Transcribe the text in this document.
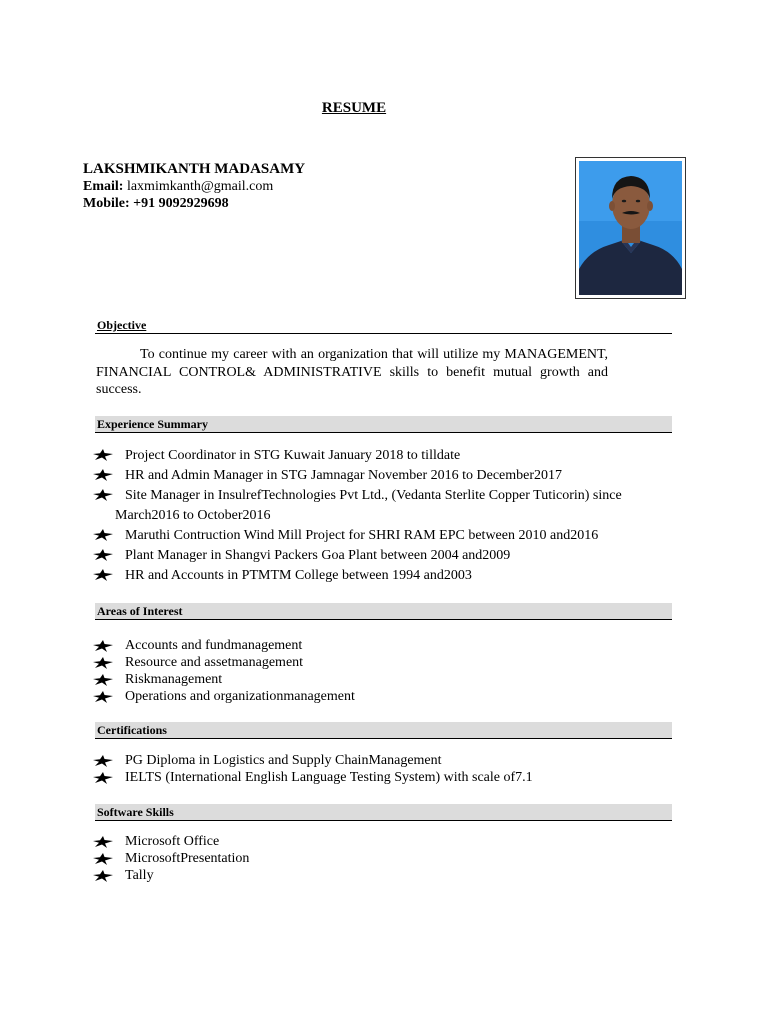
RESUME
LAKSHMIKANTH MADASAMY
Email: laxmimkanth@gmail.com
Mobile: +91 9092929698
Objective
To continue my career with an organization that will utilize my MANAGEMENT, FINANCIAL CONTROL& ADMINISTRATIVE skills to benefit mutual growth and success.
Experience Summary
Project Coordinator in STG Kuwait January 2018 to tilldate
HR and Admin Manager in STG Jamnagar November 2016 to December2017
Site Manager in InsulrefTechnologies Pvt Ltd., (Vedanta Sterlite Copper Tuticorin) since
March2016 to October2016
Maruthi Contruction Wind Mill Project for SHRI RAM EPC between 2010 and2016
Plant Manager in Shangvi Packers Goa Plant between 2004 and2009
HR and Accounts in PTMTM College between 1994 and2003
Areas of Interest
Accounts and fundmanagement
Resource and assetmanagement
Riskmanagement
Operations and organizationmanagement
Certifications
PG Diploma in Logistics and Supply ChainManagement
IELTS (International English Language Testing System) with scale of7.1
Software Skills
Microsoft Office
MicrosoftPresentation
Tally
